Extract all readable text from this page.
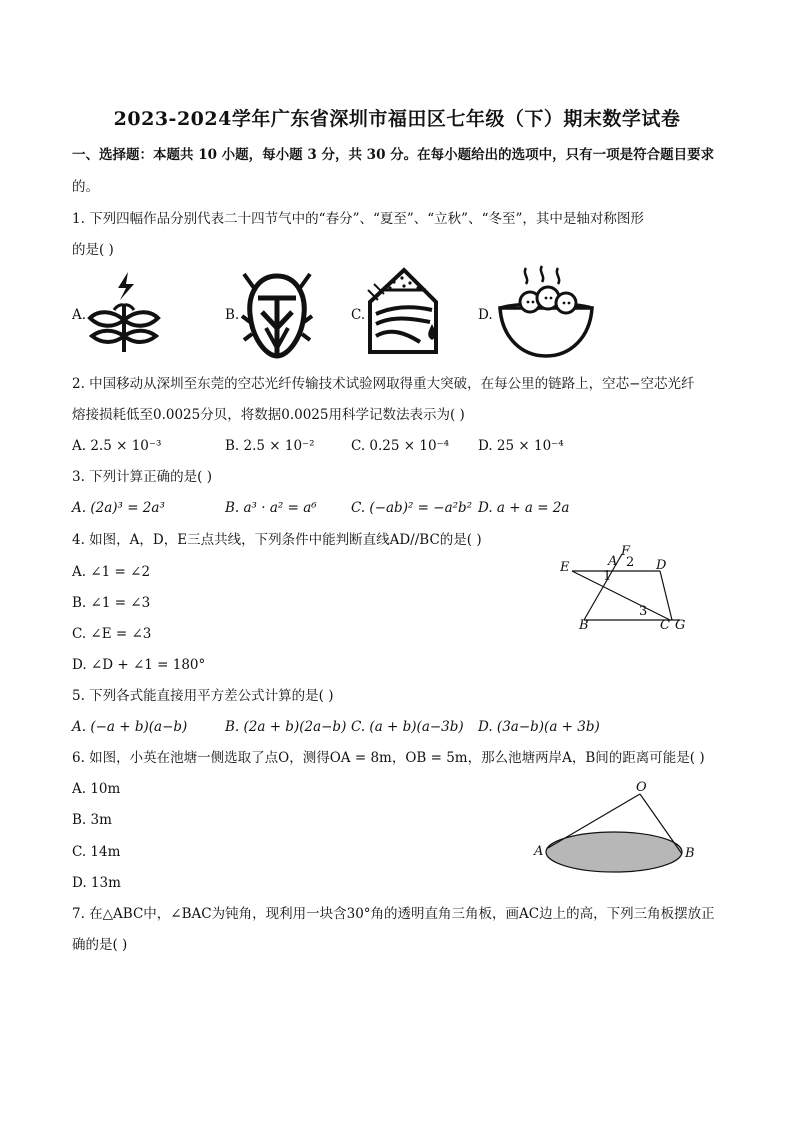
2023-2024学年广东省深圳市福田区七年级（下）期末数学试卷
一、选择题：本题共 10 小题，每小题 3 分，共 30 分。在每小题给出的选项中，只有一项是符合题目要求
的。
1. 下列四幅作品分别代表二十四节气中的“春分”、“夏至”、“立秋”、“冬至”，其中是轴对称图形
的是( )
A.	B.	C.	D.
2. 中国移动从深圳至东莞的空芯光纤传输技术试验网取得重大突破，在每公里的链路上，空芯−空芯光纤
熔接损耗低至0.0025分贝，将数据0.0025用科学记数法表示为( )
A. 2.5 × 10⁻³	B. 2.5 × 10⁻²	C. 0.25 × 10⁻⁴ D. 25 × 10⁻⁴
3. 下列计算正确的是( )
A. (2a)³ = 2a³	B. a³ · a² = a⁶	C. (−ab)² = −a²b² D. a + a = 2a
4. 如图，A，D，E三点共线，下列条件中能判断直线AD//BC的是( )
A. ∠1 = ∠2
B. ∠1 = ∠3
C. ∠E = ∠3
D. ∠D + ∠1 = 180°
E	A
F
2 D
1
3
B	C G
5. 下列各式能直接用平方差公式计算的是( )
A. (−a + b)(a−b)	B. (2a + b)(2a−b) C. (a + b)(a−3b) D. (3a−b)(a + 3b)
6. 如图，小英在池塘一侧选取了点O，测得OA = 8m，OB = 5m，那么池塘两岸A，B间的距离可能是( )
A. 10m
B. 3m
C. 14m
D. 13m
O
A	B
7. 在△ABC中，∠BAC为钝角，现利用一块含30°角的透明直角三角板，画AC边上的高，下列三角板摆放正
确的是( )
